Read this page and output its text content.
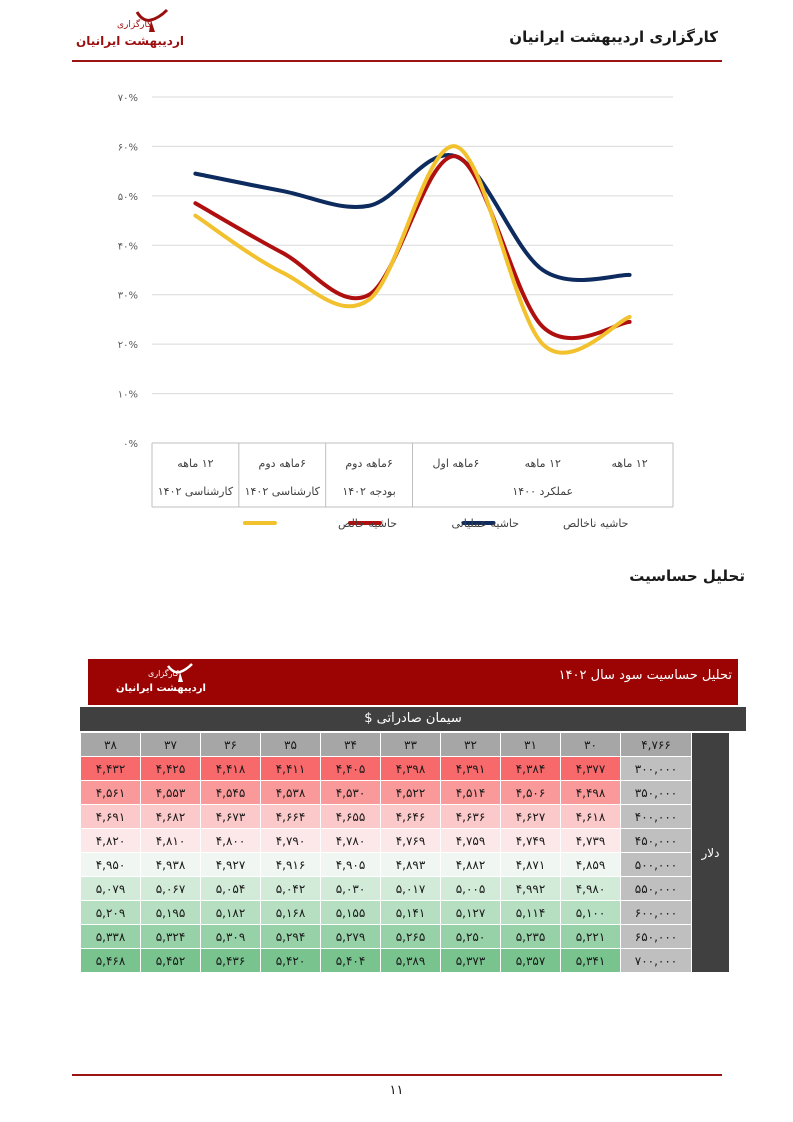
کارگزاری
اردیبهشت ایرانیان	کارگزاری اردیبهشت ایرانیان
۰%
۱۰%
۲۰%
۳۰%
۴۰%
۵۰%
۶۰%
۷۰%
۱۲ ماهه
۱۲ ماهه
۶ماهه اول
۶ماهه دوم
۶ماهه دوم
۱۲ ماهه
عملکرد ۱۴۰۰
بودجه ۱۴۰۲
کارشناسی ۱۴۰۲
کارشناسی ۱۴۰۲
حاشیه ناخالص
حاشیه عملیاتی
حاشیه خالص
تحلیل حساسیت
تحلیل حساسیت سود سال ۱۴۰۲
کارگزاری
اردیبهشت ایرانیان
سیمان صادراتی $
۳۸	۳۷	۳۶	۳۵	۳۴	۳۳	۳۲	۳۱	۳۰	۴,۷۶۶	دلار
۴,۴۳۲	۴,۴۲۵	۴,۴۱۸	۴,۴۱۱	۴,۴۰۵	۴,۳۹۸	۴,۳۹۱	۴,۳۸۴	۴,۳۷۷	۳۰۰,۰۰۰	
۴,۵۶۱	۴,۵۵۳	۴,۵۴۵	۴,۵۳۸	۴,۵۳۰	۴,۵۲۲	۴,۵۱۴	۴,۵۰۶	۴,۴۹۸	۳۵۰,۰۰۰	
۴,۶۹۱	۴,۶۸۲	۴,۶۷۳	۴,۶۶۴	۴,۶۵۵	۴,۶۴۶	۴,۶۳۶	۴,۶۲۷	۴,۶۱۸	۴۰۰,۰۰۰	
۴,۸۲۰	۴,۸۱۰	۴,۸۰۰	۴,۷۹۰	۴,۷۸۰	۴,۷۶۹	۴,۷۵۹	۴,۷۴۹	۴,۷۳۹	۴۵۰,۰۰۰	
۴,۹۵۰	۴,۹۳۸	۴,۹۲۷	۴,۹۱۶	۴,۹۰۵	۴,۸۹۳	۴,۸۸۲	۴,۸۷۱	۴,۸۵۹	۵۰۰,۰۰۰	
۵,۰۷۹	۵,۰۶۷	۵,۰۵۴	۵,۰۴۲	۵,۰۳۰	۵,۰۱۷	۵,۰۰۵	۴,۹۹۲	۴,۹۸۰	۵۵۰,۰۰۰	
۵,۲۰۹	۵,۱۹۵	۵,۱۸۲	۵,۱۶۸	۵,۱۵۵	۵,۱۴۱	۵,۱۲۷	۵,۱۱۴	۵,۱۰۰	۶۰۰,۰۰۰	
۵,۳۳۸	۵,۳۲۴	۵,۳۰۹	۵,۲۹۴	۵,۲۷۹	۵,۲۶۵	۵,۲۵۰	۵,۲۳۵	۵,۲۲۱	۶۵۰,۰۰۰	
۵,۴۶۸	۵,۴۵۲	۵,۴۳۶	۵,۴۲۰	۵,۴۰۴	۵,۳۸۹	۵,۳۷۳	۵,۳۵۷	۵,۳۴۱	۷۰۰,۰۰۰	
۱۱
